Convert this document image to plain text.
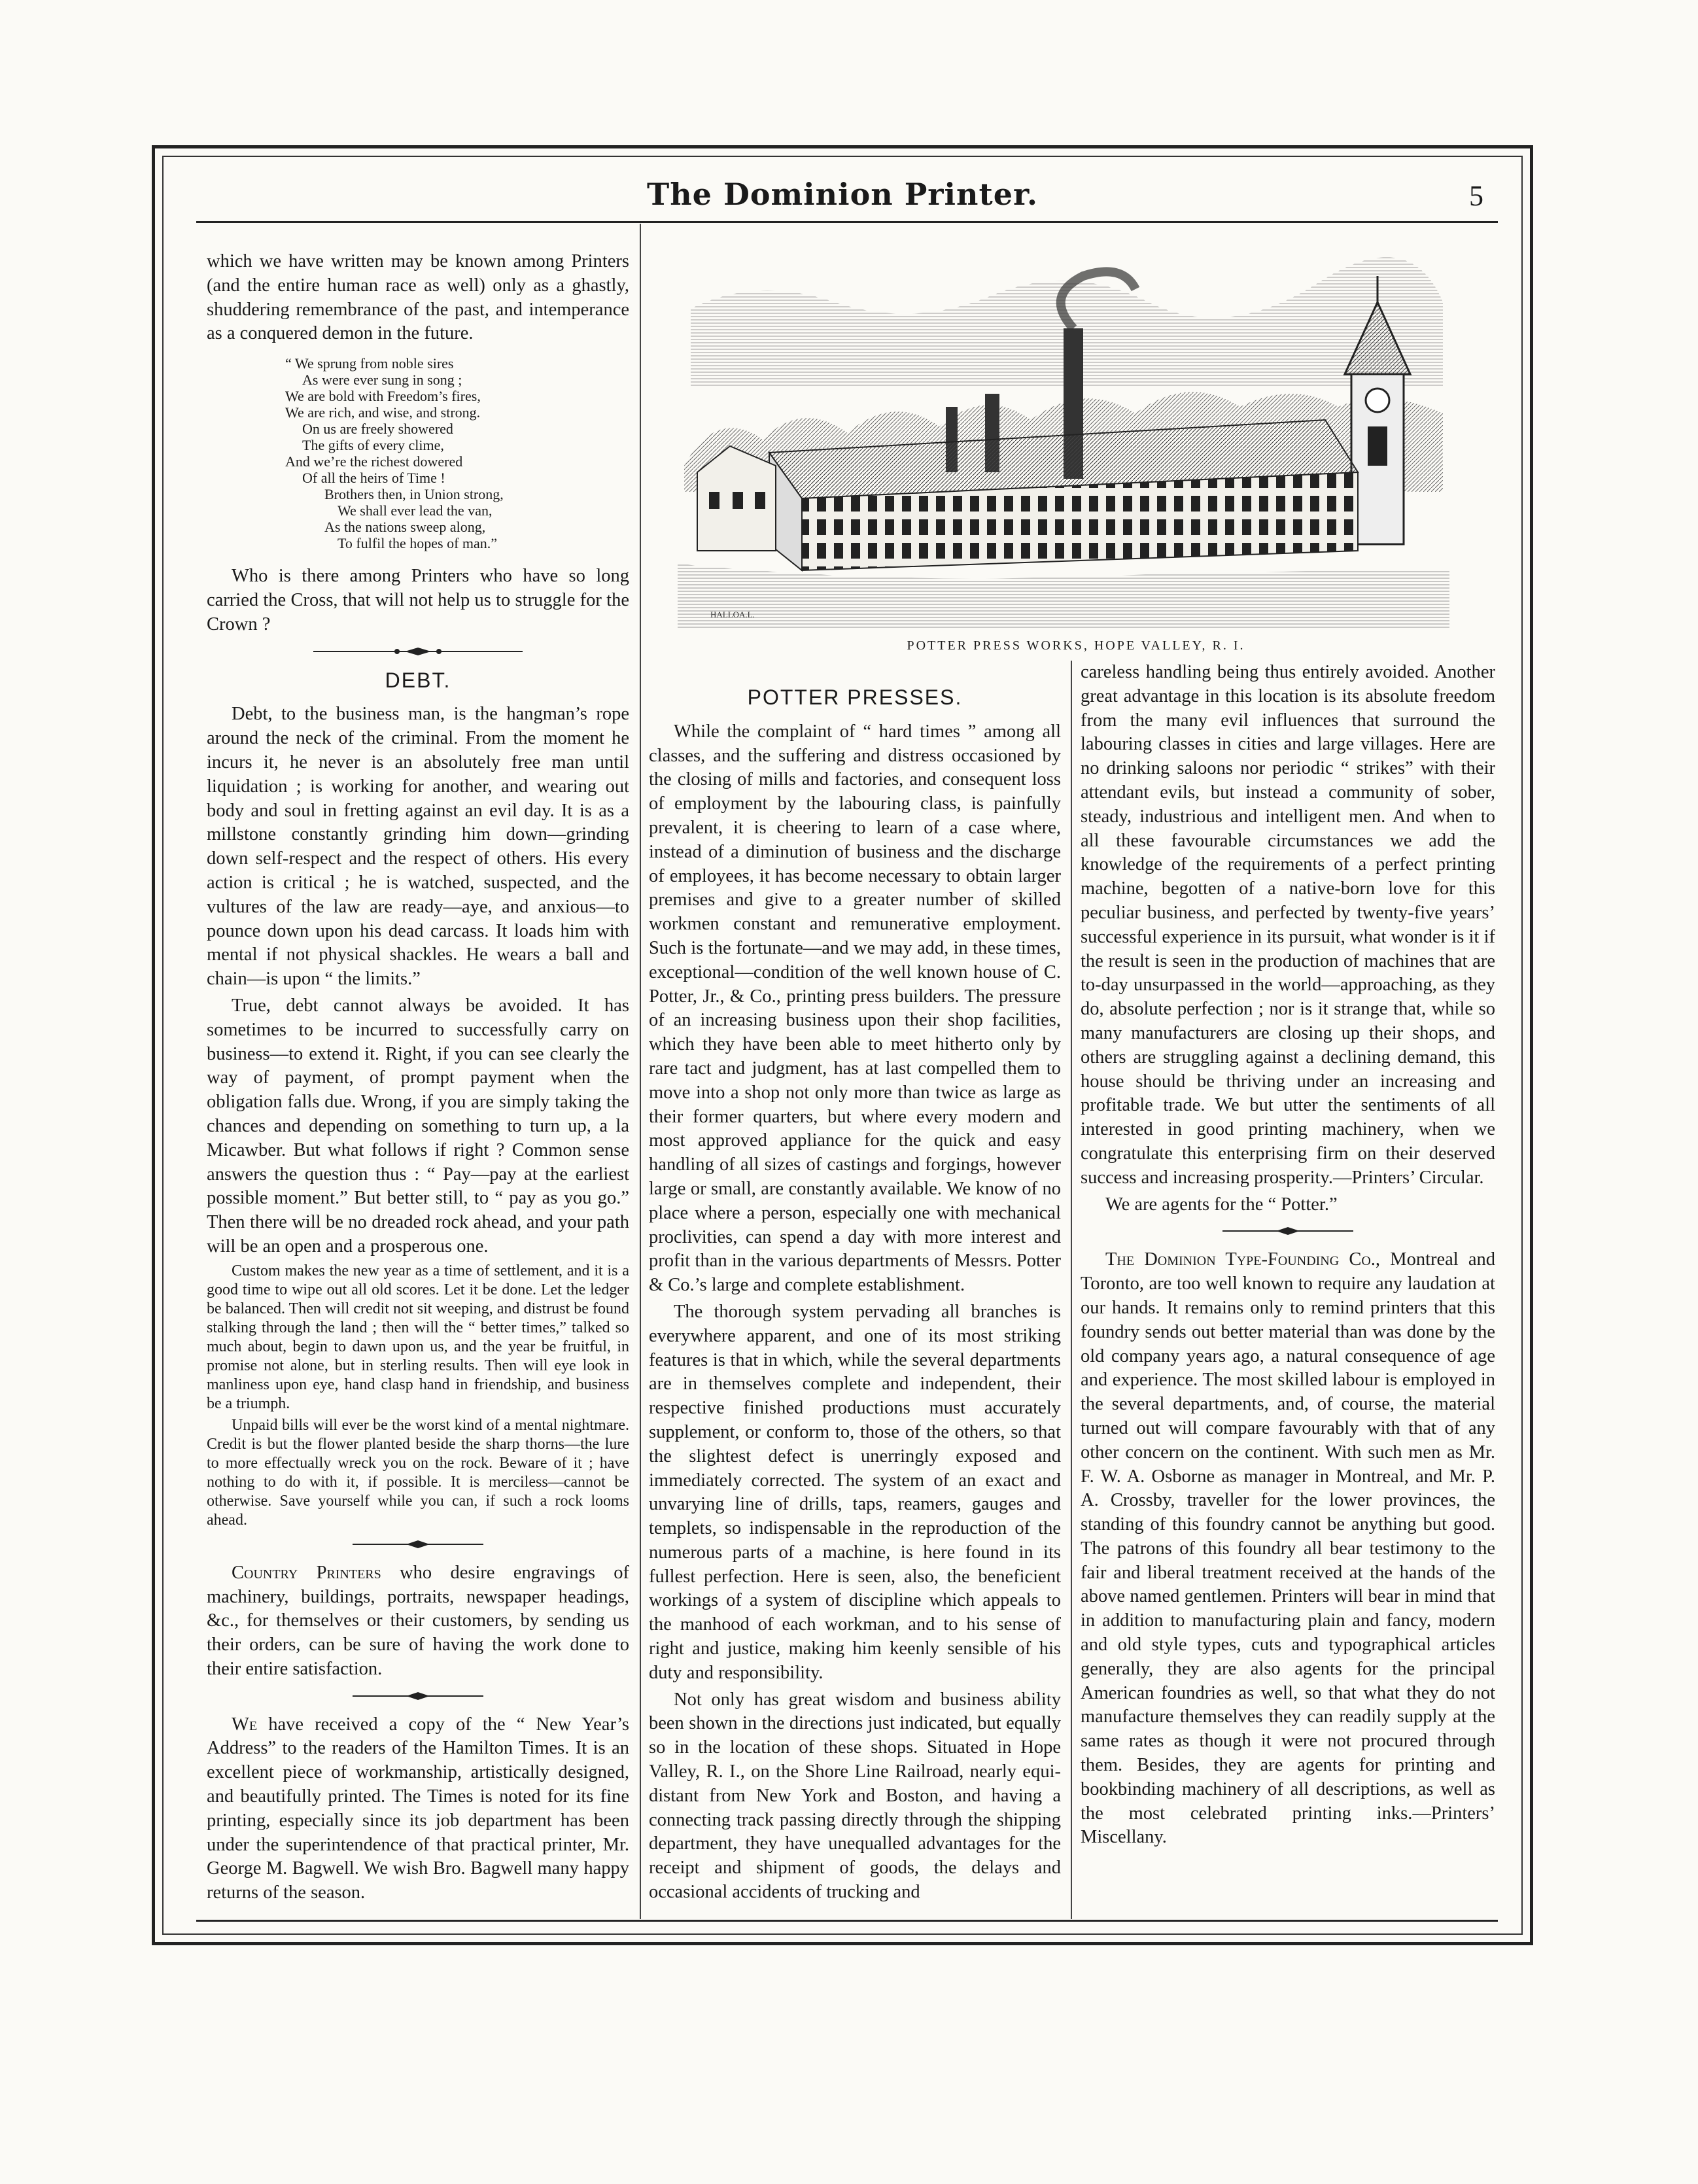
The Dominion Printer.	5

which we have written may be known among Printers (and the entire human race as well) only as a ghastly, shuddering remembrance of the past, and intemperance as a conquered demon in the future.

“ We sprung from noble sires
As were ever sung in song ;
We are bold with Freedom’s fires,
We are rich, and wise, and strong.
On us are freely showered
The gifts of every clime,
And we’re the richest dowered
Of all the heirs of Time !
Brothers then, in Union strong,
We shall ever lead the van,
As the nations sweep along,
To fulfil the hopes of man.”

Who is there among Printers who have so long carried the Cross, that will not help us to struggle for the Crown ?

DEBT.

Debt, to the business man, is the hangman’s rope around the neck of the criminal. From the moment he incurs it, he never is an absolutely free man until liquidation ; is working for another, and wearing out body and soul in fretting against an evil day. It is as a millstone constantly grinding him down—grinding down self-respect and the respect of others. His every action is critical ; he is watched, suspected, and the vultures of the law are ready—aye, and anxious—to pounce down upon his dead carcass. It loads him with mental if not physical shackles. He wears a ball and chain—is upon “ the limits.”

True, debt cannot always be avoided. It has sometimes to be incurred to successfully carry on business—to extend it. Right, if you can see clearly the way of payment, of prompt payment when the obligation falls due. Wrong, if you are simply taking the chances and depending on something to turn up, a la Micawber. But what follows if right ? Common sense answers the question thus : “ Pay—pay at the earliest possible moment.” But better still, to “ pay as you go.” Then there will be no dreaded rock ahead, and your path will be an open and a prosperous one.

Custom makes the new year as a time of settlement, and it is a good time to wipe out all old scores. Let it be done. Let the ledger be balanced. Then will credit not sit weeping, and distrust be found stalking through the land ; then will the “ better times,” talked so much about, begin to dawn upon us, and the year be fruitful, in promise not alone, but in sterling results. Then will eye look in manliness upon eye, hand clasp hand in friendship, and business be a triumph.

Unpaid bills will ever be the worst kind of a mental nightmare. Credit is but the flower planted beside the sharp thorns—the lure to more effectually wreck you on the rock. Beware of it ; have nothing to do with it, if possible. It is merciless—cannot be otherwise. Save yourself while you can, if such a rock looms ahead.

Country Printers who desire engravings of machinery, buildings, portraits, newspaper headings, &c., for themselves or their customers, by sending us their orders, can be sure of having the work done to their entire satisfaction.

We have received a copy of the “ New Year’s Address” to the readers of the Hamilton Times. It is an excellent piece of workmanship, artistically designed, and beautifully printed. The Times is noted for its fine printing, especially since its job department has been under the superintendence of that practical printer, Mr. George M. Bagwell. We wish Bro. Bagwell many happy returns of the season.

HALLOA.L.
POTTER PRESS WORKS, HOPE VALLEY, R. I.
POTTER PRESSES.

While the complaint of “ hard times ” among all classes, and the suffering and distress occasioned by the closing of mills and factories, and consequent loss of employment by the labouring class, is painfully prevalent, it is cheering to learn of a case where, instead of a diminution of business and the discharge of employees, it has become necessary to obtain larger premises and give to a greater number of skilled workmen constant and remunerative employment. Such is the fortunate—and we may add, in these times, exceptional—condition of the well known house of C. Potter, Jr., & Co., printing press builders. The pressure of an increasing business upon their shop facilities, which they have been able to meet hitherto only by rare tact and judgment, has at last compelled them to move into a shop not only more than twice as large as their former quarters, but where every modern and most approved appliance for the quick and easy handling of all sizes of castings and forgings, however large or small, are constantly available. We know of no place where a person, especially one with mechanical proclivities, can spend a day with more interest and profit than in the various departments of Messrs. Potter & Co.’s large and complete establishment.

The thorough system pervading all branches is everywhere apparent, and one of its most striking features is that in which, while the several departments are in themselves complete and independent, their respective finished productions must accurately supplement, or conform to, those of the others, so that the slightest defect is unerringly exposed and immediately corrected. The system of an exact and unvarying line of drills, taps, reamers, gauges and templets, so indispensable in the reproduction of the numerous parts of a machine, is here found in its fullest perfection. Here is seen, also, the beneficient workings of a system of discipline which appeals to the manhood of each workman, and to his sense of right and justice, making him keenly sensible of his duty and responsibility.

Not only has great wisdom and business ability been shown in the directions just indicated, but equally so in the location of these shops. Situated in Hope Valley, R. I., on the Shore Line Railroad, nearly equi-distant from New York and Boston, and having a connecting track passing directly through the shipping department, they have unequalled advantages for the receipt and shipment of goods, the delays and occasional accidents of trucking and

careless handling being thus entirely avoided. Another great advantage in this location is its absolute freedom from the many evil influences that surround the labouring classes in cities and large villages. Here are no drinking saloons nor periodic “ strikes” with their attendant evils, but instead a community of sober, steady, industrious and intelligent men. And when to all these favourable circumstances we add the knowledge of the requirements of a perfect printing machine, begotten of a native-born love for this peculiar business, and perfected by twenty-five years’ successful experience in its pursuit, what wonder is it if the result is seen in the production of machines that are to-day unsurpassed in the world—approaching, as they do, absolute perfection ; nor is it strange that, while so many manufacturers are closing up their shops, and others are struggling against a declining demand, this house should be thriving under an increasing and profitable trade. We but utter the sentiments of all interested in good printing machinery, when we congratulate this enterprising firm on their deserved success and increasing prosperity.—Printers’ Circular.

We are agents for the “ Potter.”

The Dominion Type-Founding Co., Montreal and Toronto, are too well known to require any laudation at our hands. It remains only to remind printers that this foundry sends out better material than was done by the old company years ago, a natural consequence of age and experience. The most skilled labour is employed in the several departments, and, of course, the material turned out will compare favourably with that of any other concern on the continent. With such men as Mr. F. W. A. Osborne as manager in Montreal, and Mr. P. A. Crossby, traveller for the lower provinces, the standing of this foundry cannot be anything but good. The patrons of this foundry all bear testimony to the fair and liberal treatment received at the hands of the above named gentlemen. Printers will bear in mind that in addition to manufacturing plain and fancy, modern and old style types, cuts and typographical articles generally, they are also agents for the principal American foundries as well, so that what they do not manufacture themselves they can readily supply at the same rates as though it were not procured through them. Besides, they are agents for printing and bookbinding machinery of all descriptions, as well as the most celebrated printing inks.—Printers’ Miscellany.
